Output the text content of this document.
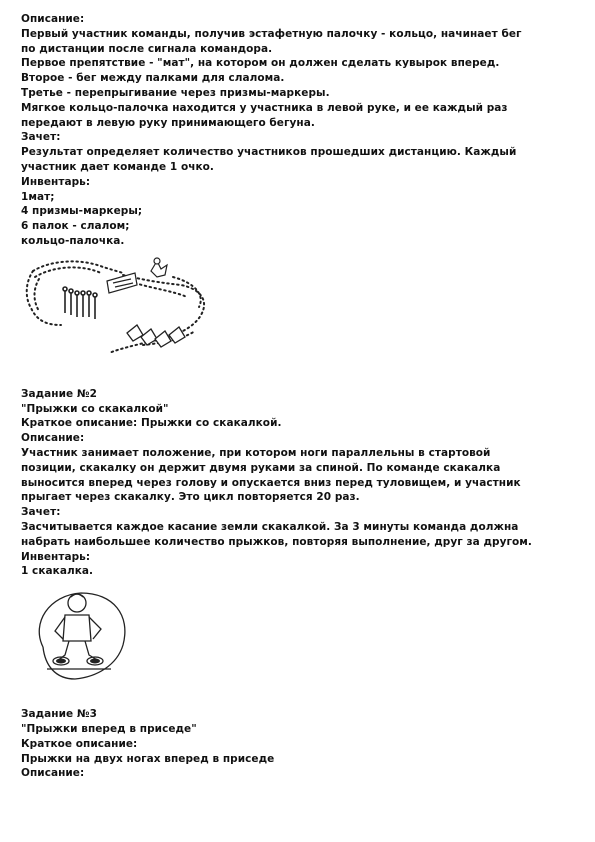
Описание:
Первый участник команды, получив эстафетную палочку - кольцо, начинает бег
по дистанции после сигнала командора.
Первое препятствие - "мат", на котором он должен сделать кувырок вперед.
Второе - бег между палками для слалома.
Третье - перепрыгивание через призмы-маркеры.
Мягкое кольцо-палочка находится у участника в левой руке, и ее каждый раз
передают в левую руку принимающего бегуна.
Зачет:
Результат определяет количество участников прошедших дистанцию. Каждый
участник дает команде 1 очко.
Инвентарь:
1мат;
4 призмы-маркеры;
6 палок - слалом;
кольцо-палочка.
Задание №2
"Прыжки со скакалкой"
Краткое описание: Прыжки со скакалкой.
Описание:
Участник занимает положение, при котором ноги параллельны в стартовой
позиции, скакалку он держит двумя руками за спиной. По команде скакалка
выносится вперед через голову и опускается вниз перед туловищем, и участник
прыгает через скакалку. Это цикл повторяется 20 раз.
Зачет:
Засчитывается каждое касание земли скакалкой. За 3 минуты команда должна
набрать наибольшее количество прыжков, повторяя выполнение, друг за другом.
Инвентарь:
1 скакалка.
Задание №3
"Прыжки вперед в приседе"
Краткое описание:
Прыжки на двух ногах вперед в приседе
Описание:
